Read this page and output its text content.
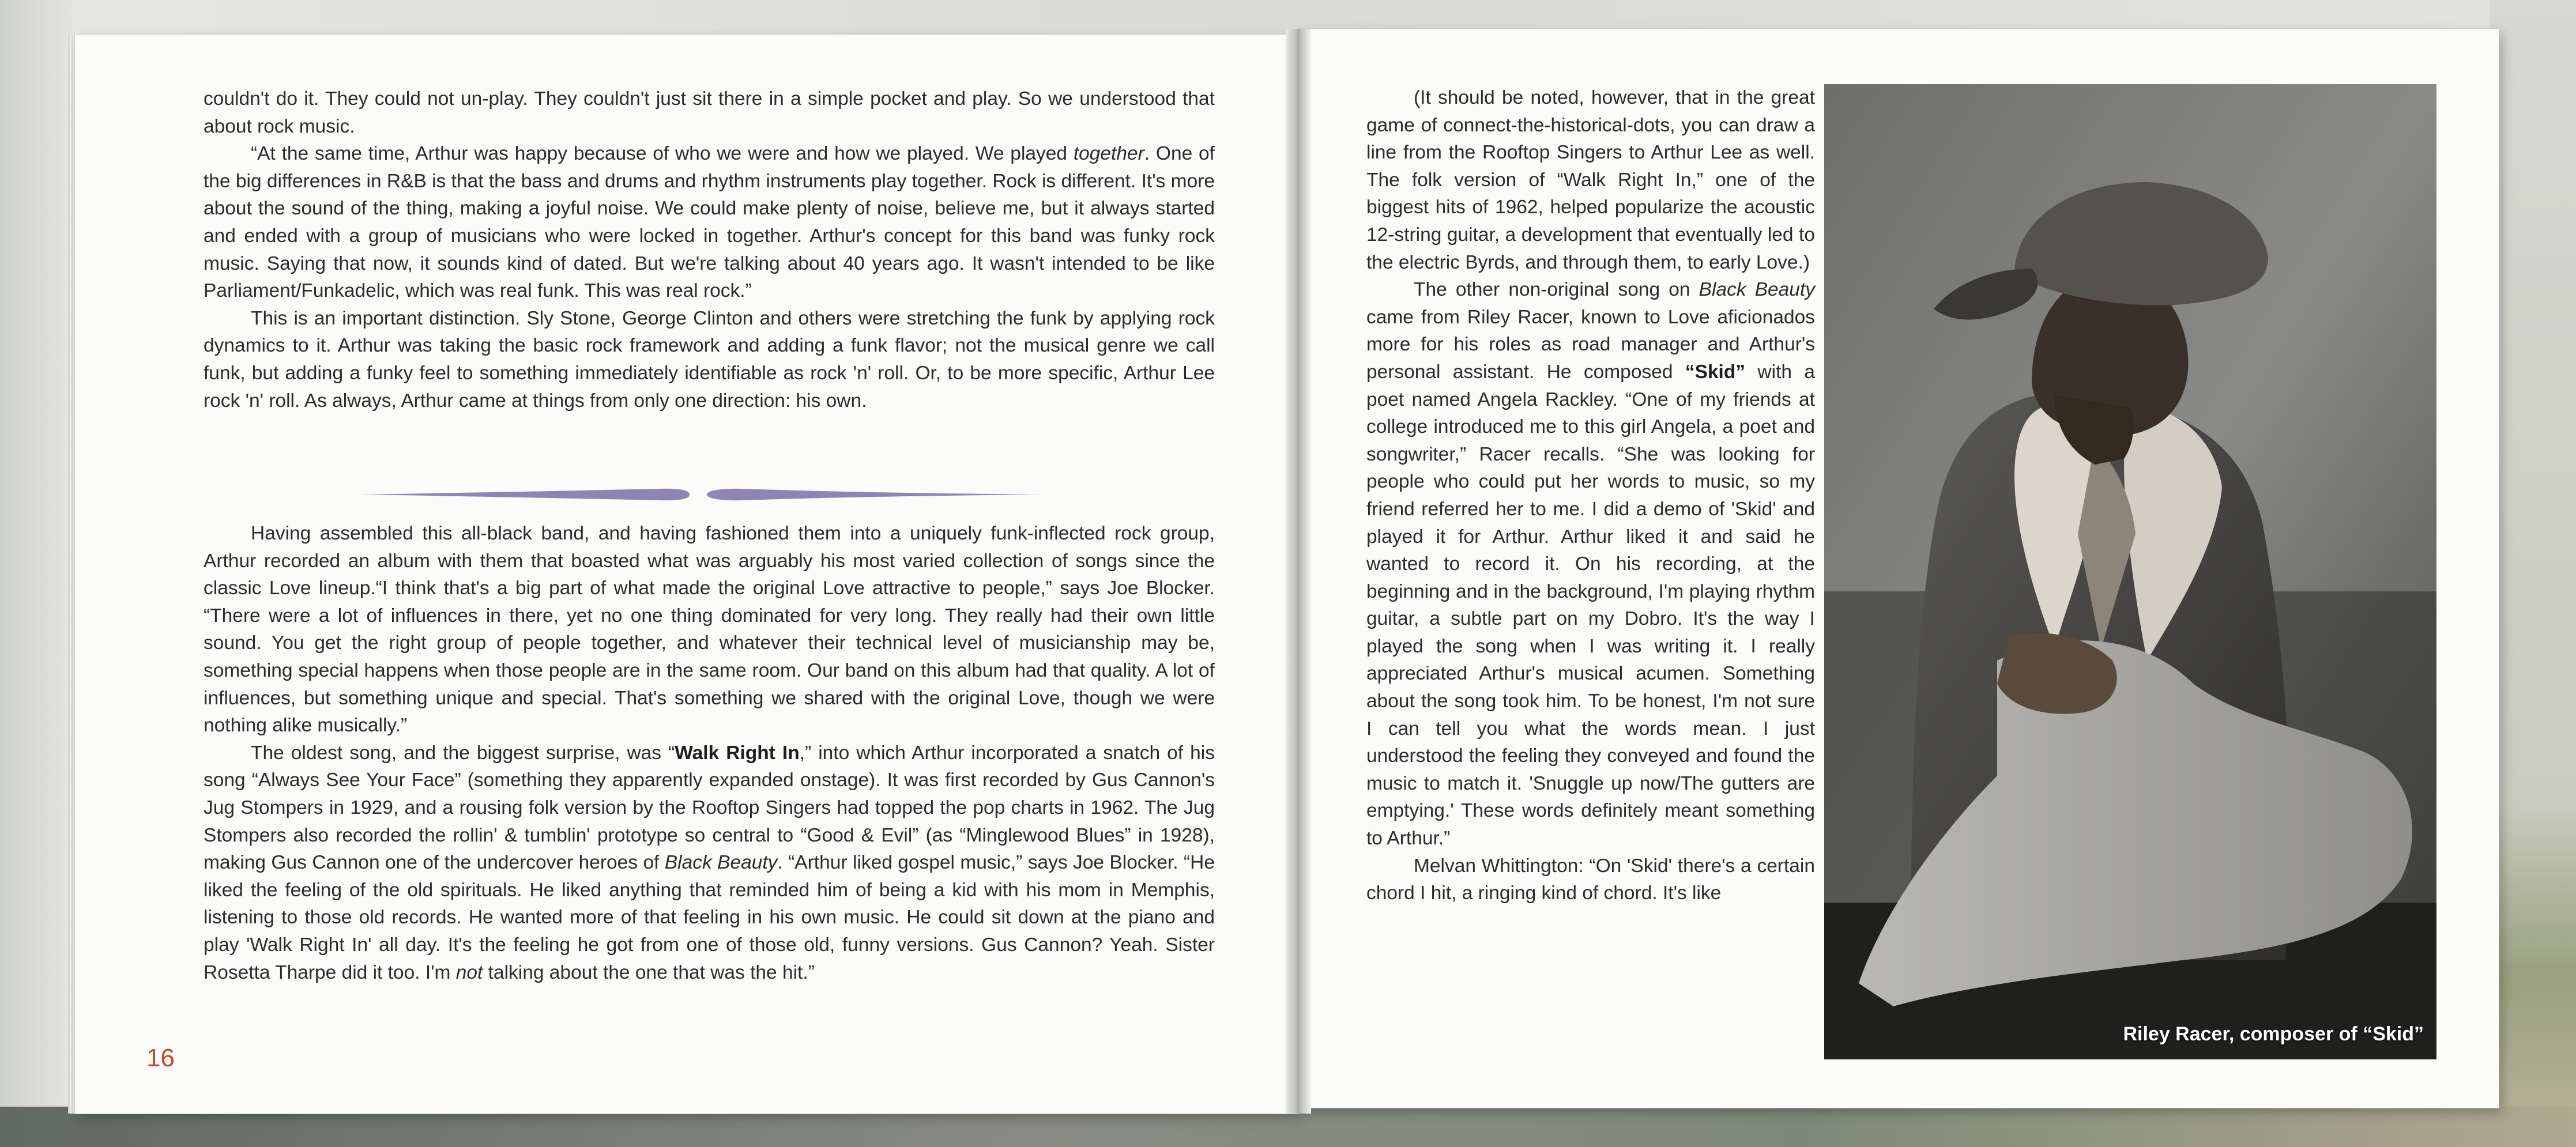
couldn't do it. They could not un-play. They couldn't just sit there in a simple pocket and play. So we understood that about rock music.

“At the same time, Arthur was happy because of who we were and how we played. We played together. One of the big differences in R&B is that the bass and drums and rhythm instruments play together. Rock is different. It's more about the sound of the thing, making a joyful noise. We could make plenty of noise, believe me, but it always started and ended with a group of musicians who were locked in together. Arthur's concept for this band was funky rock music. Saying that now, it sounds kind of dated. But we're talking about 40 years ago. It wasn't intended to be like Parliament/Funkadelic, which was real funk. This was real rock.”

This is an important distinction. Sly Stone, George Clinton and others were stretching the funk by applying rock dynamics to it. Arthur was taking the basic rock framework and adding a funk flavor; not the musical genre we call funk, but adding a funky feel to something immediately identifiable as rock 'n' roll. Or, to be more specific, Arthur Lee rock 'n' roll. As always, Arthur came at things from only one direction: his own.

Having assembled this all-black band, and having fashioned them into a uniquely funk-inflected rock group, Arthur recorded an album with them that boasted what was arguably his most varied collection of songs since the classic Love lineup.“I think that's a big part of what made the original Love attractive to people,” says Joe Blocker. “There were a lot of influences in there, yet no one thing dominated for very long. They really had their own little sound. You get the right group of people together, and whatever their technical level of musicianship may be, something special happens when those people are in the same room. Our band on this album had that quality. A lot of influences, but something unique and special. That's something we shared with the original Love, though we were nothing alike musically.”

The oldest song, and the biggest surprise, was “Walk Right In,” into which Arthur incorporated a snatch of his song “Always See Your Face” (something they apparently expanded onstage). It was first recorded by Gus Cannon's Jug Stompers in 1929, and a rousing folk version by the Rooftop Singers had topped the pop charts in 1962. The Jug Stompers also recorded the rollin' & tumblin' prototype so central to “Good & Evil” (as “Minglewood Blues” in 1928), making Gus Cannon one of the undercover heroes of Black Beauty. “Arthur liked gospel music,” says Joe Blocker. “He liked the feeling of the old spirituals. He liked anything that reminded him of being a kid with his mom in Memphis, listening to those old records. He wanted more of that feeling in his own music. He could sit down at the piano and play 'Walk Right In' all day. It's the feeling he got from one of those old, funny versions. Gus Cannon? Yeah. Sister Rosetta Tharpe did it too. I'm not talking about the one that was the hit.”

16

(It should be noted, however, that in the great game of connect-the-historical-dots, you can draw a line from the Rooftop Singers to Arthur Lee as well. The folk version of “Walk Right In,” one of the biggest hits of 1962, helped popularize the acoustic 12-string guitar, a development that eventually led to the electric Byrds, and through them, to early Love.)

The other non-original song on Black Beauty came from Riley Racer, known to Love aficionados more for his roles as road manager and Arthur's personal assistant. He composed “Skid” with a poet named Angela Rackley. “One of my friends at college introduced me to this girl Angela, a poet and songwriter,” Racer recalls. “She was looking for people who could put her words to music, so my friend referred her to me. I did a demo of 'Skid' and played it for Arthur. Arthur liked it and said he wanted to record it. On his recording, at the beginning and in the background, I'm playing rhythm guitar, a subtle part on my Dobro. It's the way I played the song when I was writing it. I really appreciated Arthur's musical acumen. Something about the song took him. To be honest, I'm not sure I can tell you what the words mean. I just understood the feeling they conveyed and found the music to match it. 'Snuggle up now/The gutters are emptying.' These words definitely meant something to Arthur.”

Melvan Whittington: “On 'Skid' there's a certain chord I hit, a ringing kind of chord. It's like

Riley Racer, composer of “Skid”
